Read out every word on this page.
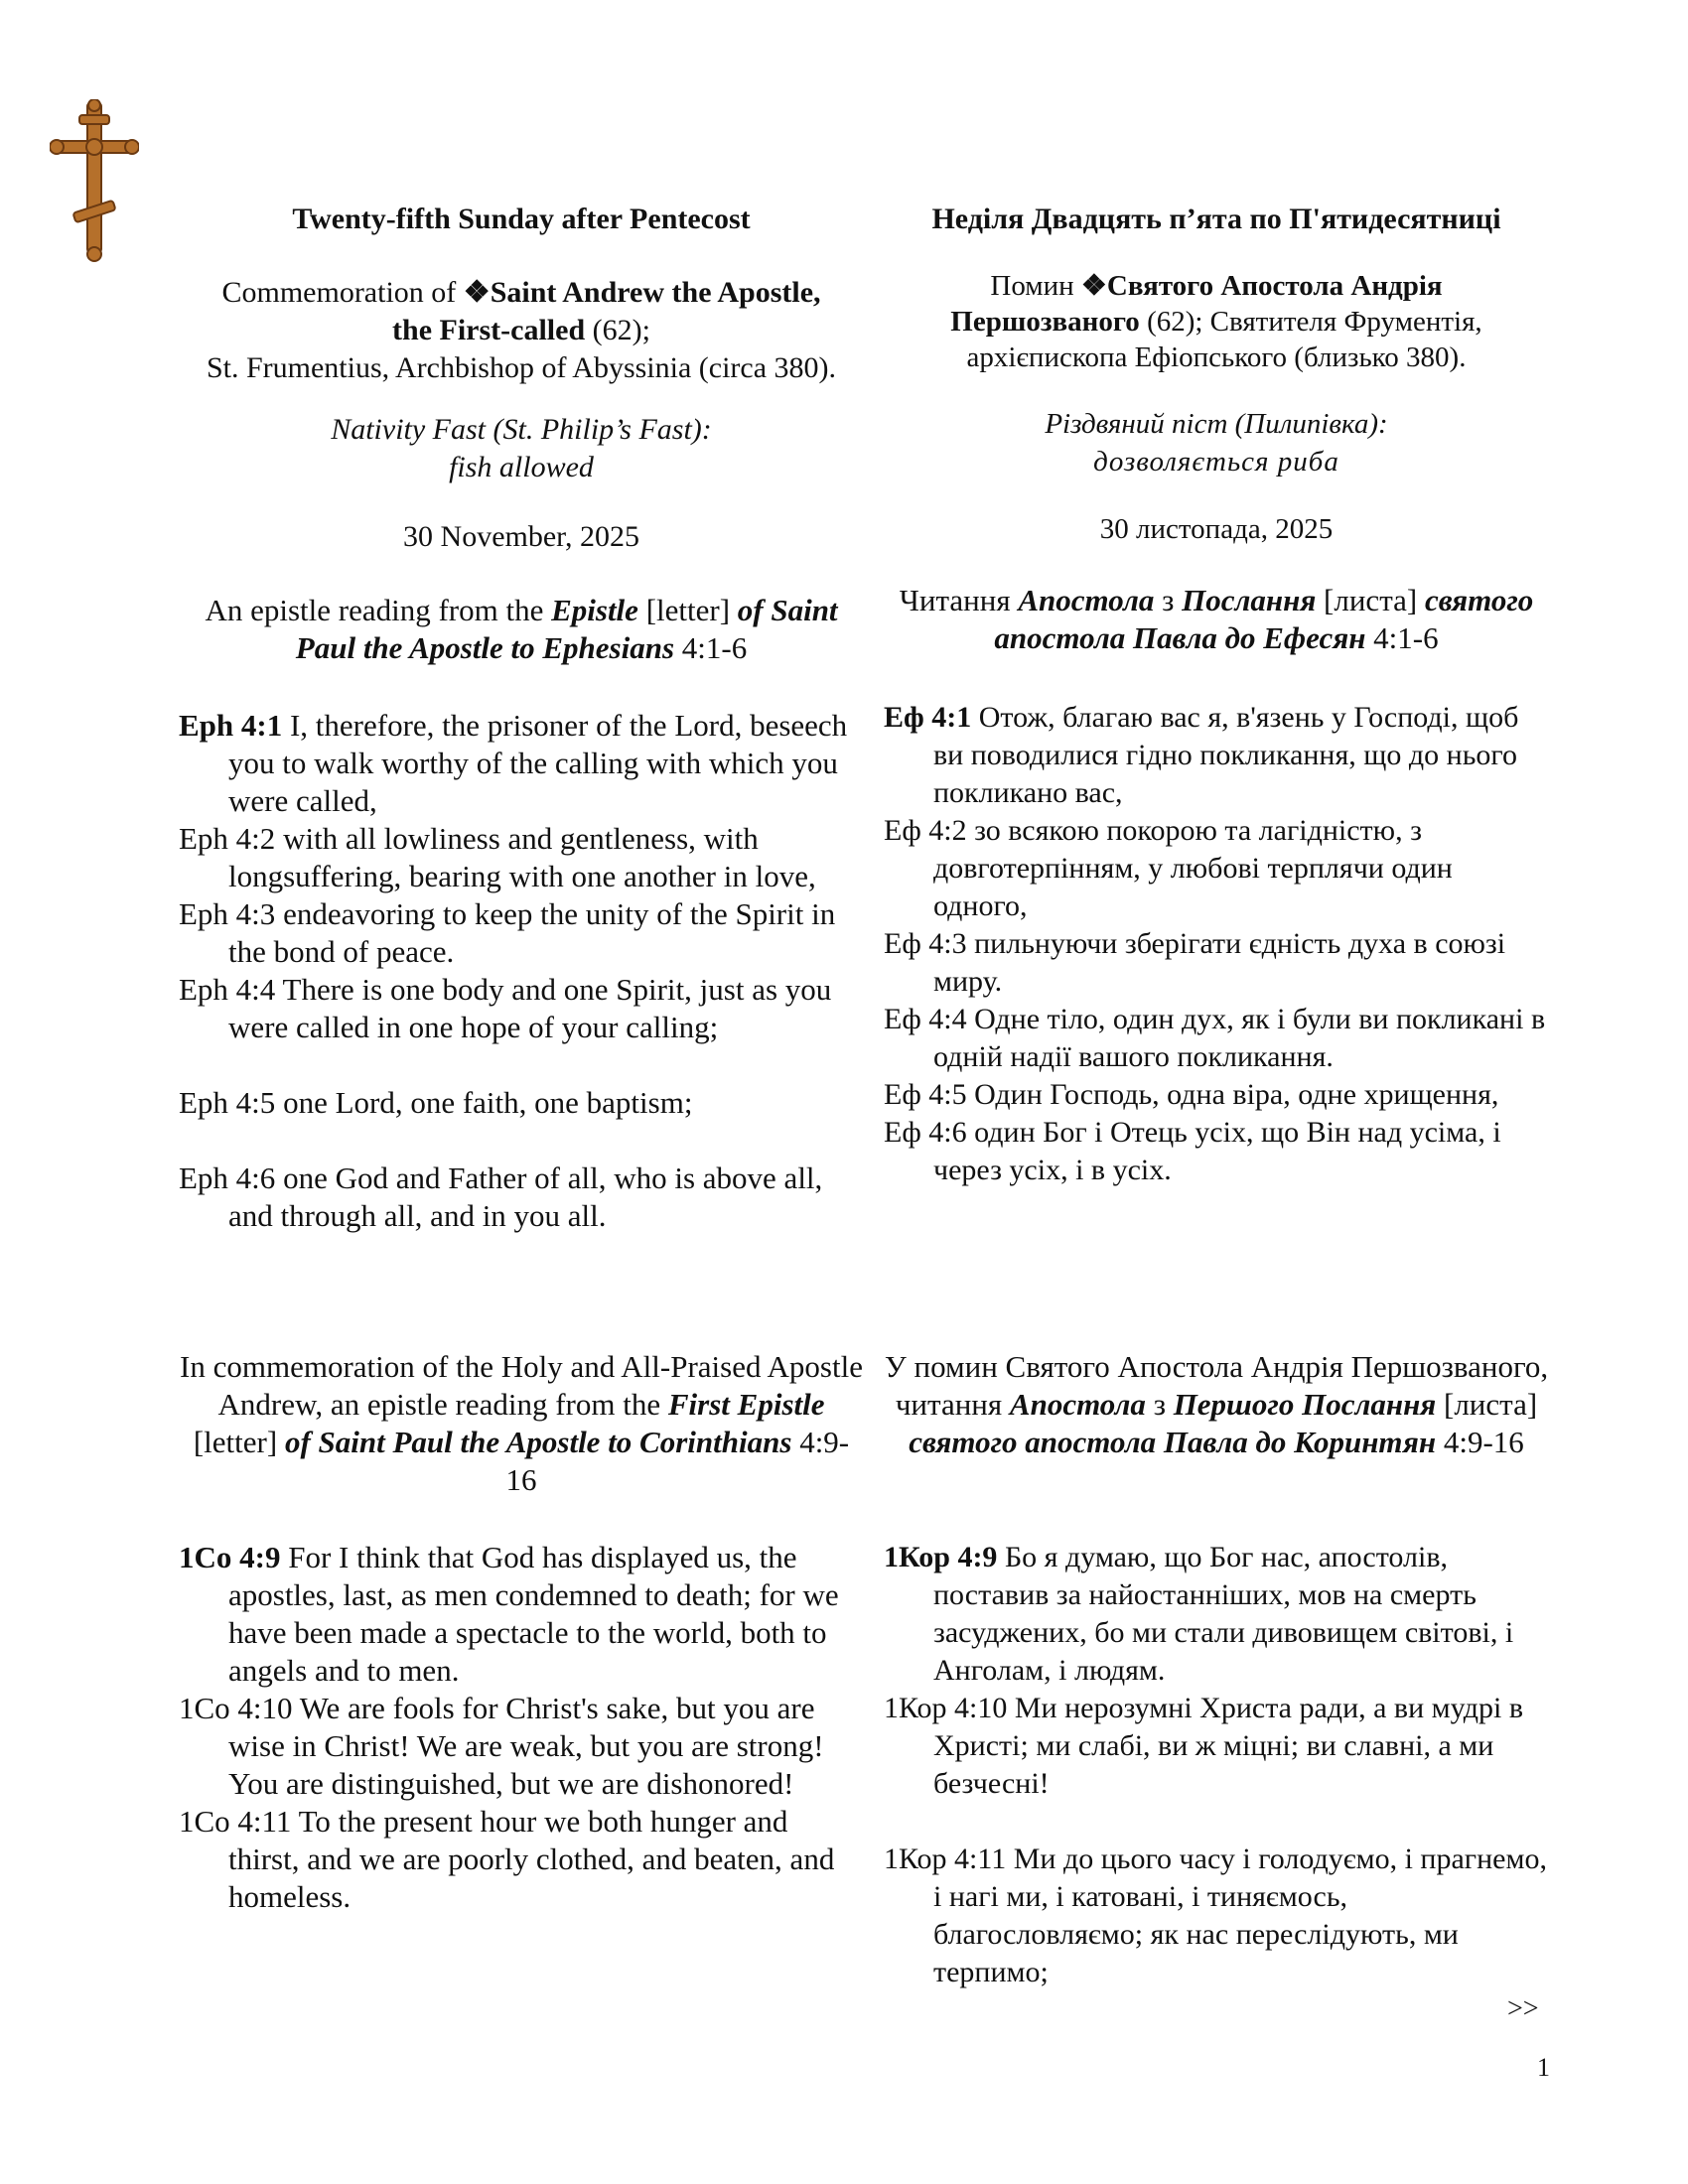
Twenty-fifth Sunday after Pentecost
Commemoration of ❖Saint Andrew the Apostle, the First-called (62);
St. Frumentius, Archbishop of Abyssinia (circa 380).
Nativity Fast (St. Philip’s Fast):
fish allowed
30 November, 2025
An epistle reading from the Epistle [letter] of Saint Paul the Apostle to Ephesians 4:1-6

Eph 4:1 I, therefore, the prisoner of the Lord, beseech you to walk worthy of the calling with which you were called,

Eph 4:2 with all lowliness and gentleness, with longsuffering, bearing with one another in love,

Eph 4:3 endeavoring to keep the unity of the Spirit in the bond of peace.

Eph 4:4 There is one body and one Spirit, just as you were called in one hope of your calling;

Eph 4:5 one Lord, one faith, one baptism;

Eph 4:6 one God and Father of all, who is above all, and through all, and in you all.

In commemoration of the Holy and All-Praised Apostle Andrew, an epistle reading from the First Epistle [letter] of Saint Paul the Apostle to Corinthians 4:9-16

1Co 4:9 For I think that God has displayed us, the apostles, last, as men condemned to death; for we have been made a spectacle to the world, both to angels and to men.

1Co 4:10 We are fools for Christ's sake, but you are wise in Christ! We are weak, but you are strong! You are distinguished, but we are dishonored!

1Co 4:11 To the present hour we both hunger and thirst, and we are poorly clothed, and beaten, and homeless.

Неділя Двадцять п’ята по П'ятидесятниці
Помин ❖Святого Апостола Андрія Першозваного (62); Святителя Фрументія,
архієпископа Ефіопського (близько 380).
Різдвяний піст (Пилипівка):
дозволяється риба
30 листопада, 2025
Читання Апостола з Послання [листа] святого апостола Павла до Ефесян 4:1-6

Еф 4:1 Отож, благаю вас я, в'язень у Господі, щоб ви поводилися гідно покликання, що до нього покликано вас,

Еф 4:2 зо всякою покорою та лагідністю, з довготерпінням, у любові терплячи один одного,

Еф 4:3 пильнуючи зберігати єдність духа в союзі миру.

Еф 4:4 Одне тіло, один дух, як і були ви покликані в одній надії вашого покликання.

Еф 4:5 Один Господь, одна віра, одне хрищення,

Еф 4:6 один Бог і Отець усіх, що Він над усіма, і через усіх, і в усіх.

У помин Святого Апостола Андрія Першозваного, читання Апостола з Першого Послання [листа] святого апостола Павла до Коринтян 4:9-16

1Кор 4:9 Бо я думаю, що Бог нас, апостолів, поставив за найостанніших, мов на смерть засуджених, бо ми стали дивовищем світові, і Анголам, і людям.

1Кор 4:10 Ми нерозумні Христа ради, а ви мудрі в Христі; ми слабі, ви ж міцні; ви славні, а ми безчесні!

1Кор 4:11 Ми до цього часу і голодуємо, і прагнемо, і нагі ми, і катовані, і тиняємось, благословляємо; як нас переслідують, ми терпимо;

>>
1
